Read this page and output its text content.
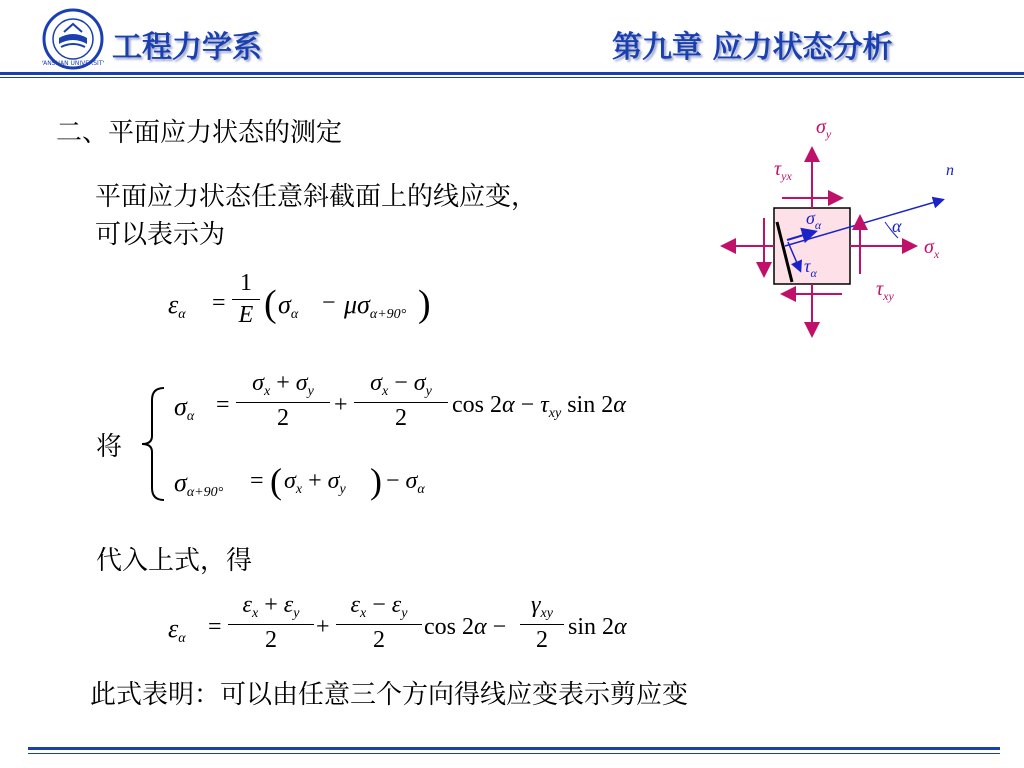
YANSHAN UNIVERSITY 工程力学系	第九章 应力状态分析
二、平面应力状态的测定
平面应力状态任意斜截面上的线应变，
可以表示为
$\varepsilon_\alpha$ =
1
E ( $\sigma_\alpha - \mu\sigma_{\alpha+90^\circ}$ )
将
$\sigma_\alpha$ =
$\sigma_x + \sigma_y$
2	+
$\sigma_x - \sigma_y$
2	$\cos 2\alpha - \tau_{xy}$ sin 2α
$\sigma_{\alpha+90^\circ}$ = ( $\sigma_x + \sigma_y$ ) − $\sigma_\alpha$
代入上式，得
$\varepsilon_\alpha$ =
$\varepsilon_x + \varepsilon_y$
2	+
$\varepsilon_x - \varepsilon_y$
2	cos 2α −
$\gamma_{xy}$
2 sin 2α
此式表明：可以由任意三个方向得线应变表示剪应变
$\sigma_y$
$\tau_{yx}$	n
$\sigma_\alpha$	α
$\sigma_x$
$\tau_\alpha$
$\tau_{xy}$
